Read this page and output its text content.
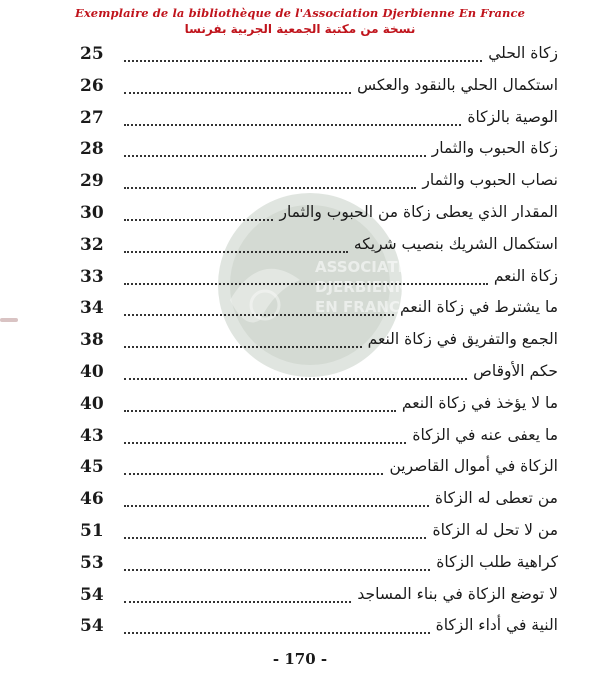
Exemplaire de la bibliothèque de l'Association Djerbienne En France
نسخة من مكتبة الجمعية الجربية بفرنسا
ASSOCIATION
DJERBIENNE
EN FRANCE
25	زكاة الحلي
26	استكمال الحلي بالنقود والعكس
27	الوصية بالزكاة
28	زكاة الحبوب والثمار
29	نصاب الحبوب والثمار
30	المقدار الذي يعطى زكاة من الحبوب والثمار
32	استكمال الشريك بنصيب شريكه
33	زكاة النعم
34	ما يشترط في زكاة النعم
38	الجمع والتفريق في زكاة النعم
40	حكم الأوقاص
40	ما لا يؤخذ في زكاة النعم
43	ما يعفى عنه في الزكاة
45	الزكاة في أموال القاصرين
46	من تعطى له الزكاة
51	من لا تحل له الزكاة
53	كراهية طلب الزكاة
54	لا توضع الزكاة في بناء المساجد
54	النية في أداء الزكاة
- 170 -
